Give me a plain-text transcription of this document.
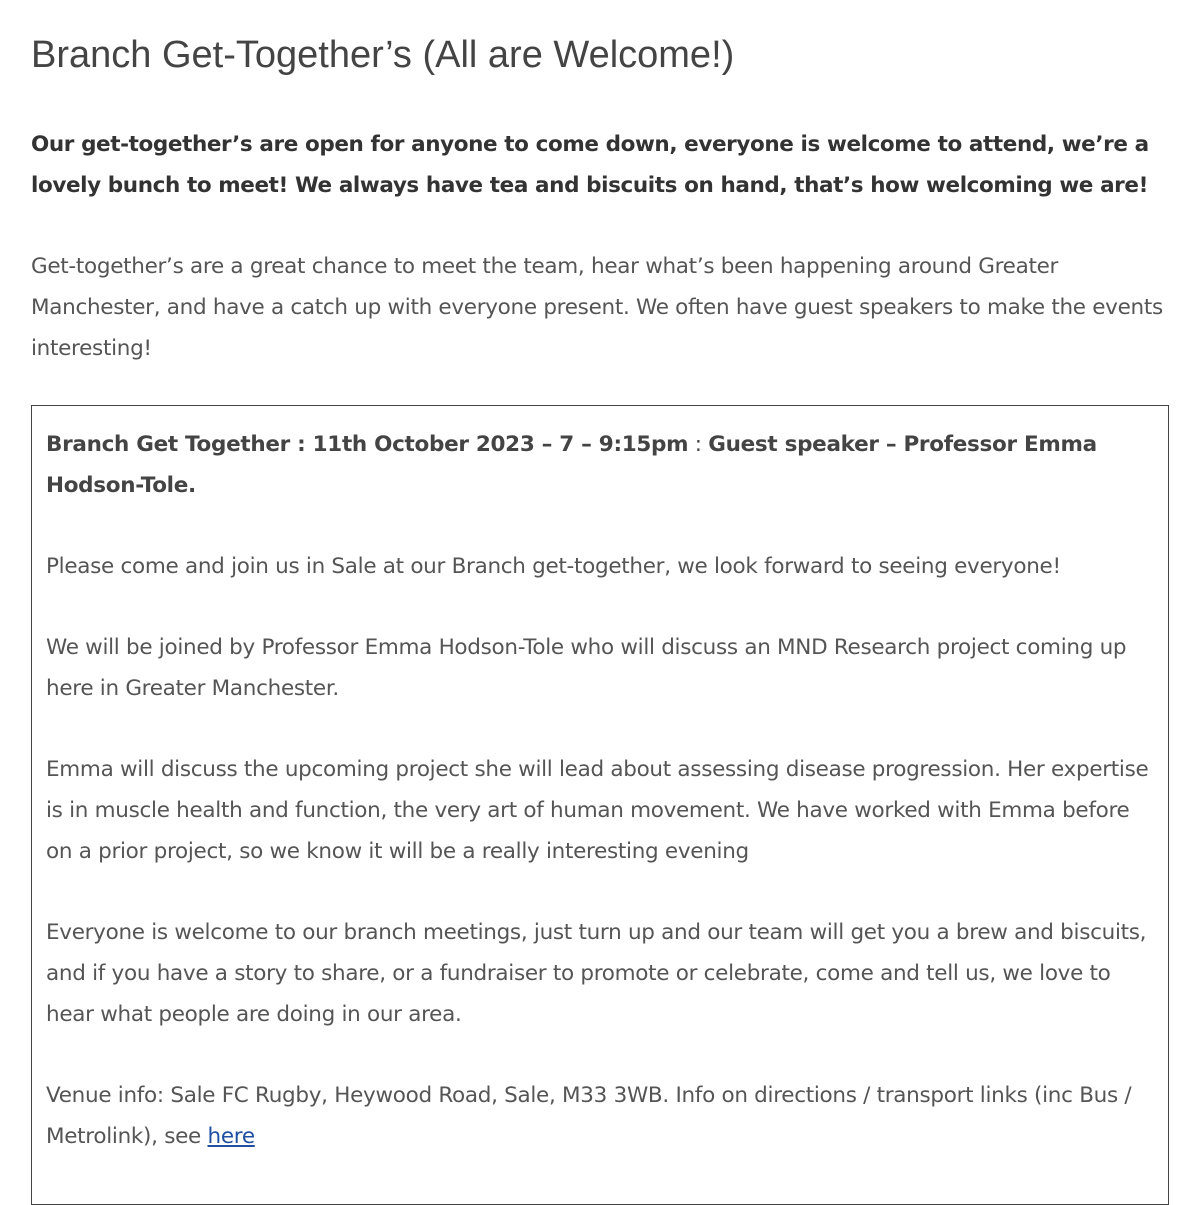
Branch Get-Together’s (All are Welcome!)

Our get-together’s are open for anyone to come down, everyone is welcome to attend, we’re a lovely bunch to meet! We always have tea and biscuits on hand, that’s how welcoming we are!

Get-together’s are a great chance to meet the team, hear what’s been happening around Greater Manchester, and have a catch up with everyone present. We often have guest speakers to make the events interesting!

Branch Get Together : 11th October 2023 – 7 – 9:15pm : Guest speaker – Professor Emma Hodson-Tole.

Please come and join us in Sale at our Branch get-together, we look forward to seeing everyone!

We will be joined by Professor Emma Hodson-Tole who will discuss an MND Research project coming up here in Greater Manchester.

Emma will discuss the upcoming project she will lead about assessing disease progression. Her expertise is in muscle health and function, the very art of human movement. We have worked with Emma before on a prior project, so we know it will be a really interesting evening

Everyone is welcome to our branch meetings, just turn up and our team will get you a brew and biscuits, and if you have a story to share, or a fundraiser to promote or celebrate, come and tell us, we love to hear what people are doing in our area.

Venue info: Sale FC Rugby, Heywood Road, Sale, M33 3WB. Info on directions / transport links (inc Bus / Metrolink), see here
